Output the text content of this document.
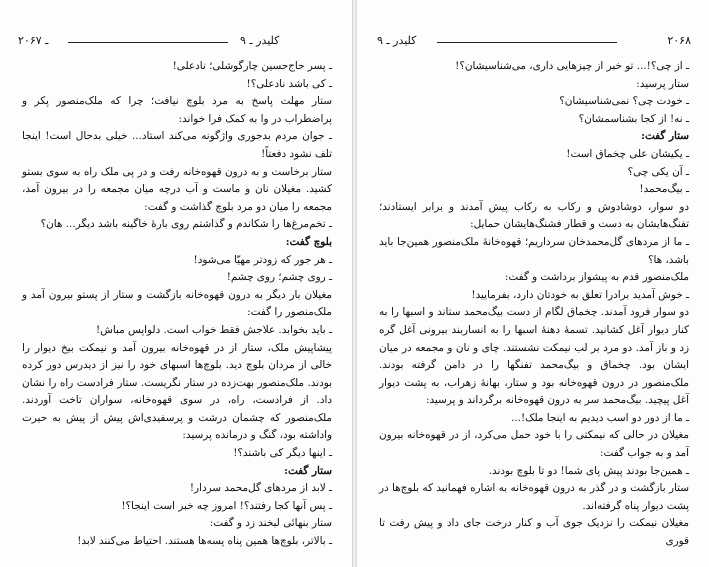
۲۰۶۷ ـ	کلیدر ـ ۹

ـ پسر حاج‌حسین چارگوشلی؛ نادعلی!

ـ کی باشد نادعلی؟!

ستار مهلت پاسخ به مرد بلوچ نیافت؛ چرا که ملک‌منصور پکر و پراضطراب در وا به کمک فرا خواند:

ـ جوان مردم بدجوری واژگونه می‌کند استاد... خیلی بدحال است! اینجا تلف نشود دفعتاً!

ستار برخاست و به درون قهوه‌خانه رفت و در پی ملک راه به سوی بستو کشید. مغیلان نان و ماست و آب درچه میان مجمعه را در بیرون آمد، مجمعه را میان دو مرد بلوچ گذاشت و گفت:

ـ تخم‌مرغ‌ها را شکاندم و گذاشتم روی بارهٔ خاگینه باشد دیگر... هان؟

بلوچ گفت:

ـ هر جور که زودتر مهیّا می‌شود!

ـ روی چشم؛ روی چشم!

مغیلان بار دیگر به درون قهوه‌خانه بازگشت و ستار از پستو بیرون آمد و ملک‌منصور را گفت:

ـ باید بخوابد. علاجش فقط خواب است. دلواپس مباش!

پیشاپیش ملک، ستار از در قهوه‌خانه بیرون آمد و نیمکت بیخ دیوار را خالی از مردان بلوچ دید. بلوچ‌ها اسبهای خود را نیز از دیدرس دور کرده بودند. ملک‌منصور بهت‌زده در ستار نگریست. ستار فرادست راه را نشان داد. از فرادست، راه، در سوی قهوه‌خانه، سواران تاخت آوردند. ملک‌منصور که چشمان درشت و پرسفیدی‌اش پیش از پیش به حیرت واداشته بود، گنگ و درمانده پرسید:

ـ اینها دیگر کی باشند؟!

ستار گفت:

ـ لابد از مردهای گل‌محمد سردار!

ـ پس آنها کجا رفتند؟! امروز چه خبر است اینجا؟!

ستار بنهائی لبخند زد و گفت:

ـ بالاتر، بلوچ‌ها همین پناه پسه‌ها هستند. احتیاط می‌کنند لابد!

کلیدر ـ ۹	۲۰۶۸

ـ از چی؟!... تو خبر از چیزهایی داری، می‌شناسیشان؟!

ستار پرسید:

ـ خودت چی؟ نمی‌شناسیشان؟

ـ نه! از کجا بشناسمشان؟

ستار گفت:

ـ یکیشان علی چخماق است!

ـ آن یکی چی؟

ـ بیگ‌محمد!

دو سوار، دوشادوش و رکاب به رکاب پیش آمدند و برابر ایستادند؛ تفنگ‌هایشان به دست و قطار فشنگ‌هایشان حمایل:

ـ ما از مردهای گل‌محمدخان سرداریم؛ قهوه‌خانهٔ ملک‌منصور همین‌جا باید باشد، ها؟

ملک‌منصور قدم به پیشواز برداشت و گفت:

ـ خوش آمدید برادرا تعلق به خودتان دارد، بفرمایید!

دو سوار فرود آمدند. چخماق لگام از دست بیگ‌محمد ستاند و اسبها را به کنار دیوار آغل کشانید. تسمهٔ دهنهٔ اسبها را به انساربند بیرونی آغل گره زد و باز آمد. دو مرد بر لب نیمکت نشستند. چای و نان و مجمعه در میان ایشان بود. چخماق و بیگ‌محمد تفنگها را در دامن گرفته بودند. ملک‌منصور در درون قهوه‌خانه بود و ستار، بهانهٔ زهراب، به پشت دیوار آغل پیچید. بیگ‌محمد سر به درون قهوه‌خانه برگرداند و پرسید:

ـ ما از دور دو اسب دیدیم به اینجا ملک!...

مغیلان در حالی که نیمکتی را با خود حمل می‌کرد، از در قهوه‌خانه بیرون آمد و به جواب گفت:

ـ همین‌جا بودند پیش پای شما! دو تا بلوچ بودند.

ستار بازگشت و در گذر به درون قهوه‌خانه به اشاره فهمانید که بلوچ‌ها در پشت دیوار پناه گرفته‌اند.

مغیلان نیمکت را نزدیک جوی آب و کنار درخت جای داد و پیش رفت تا قوری
